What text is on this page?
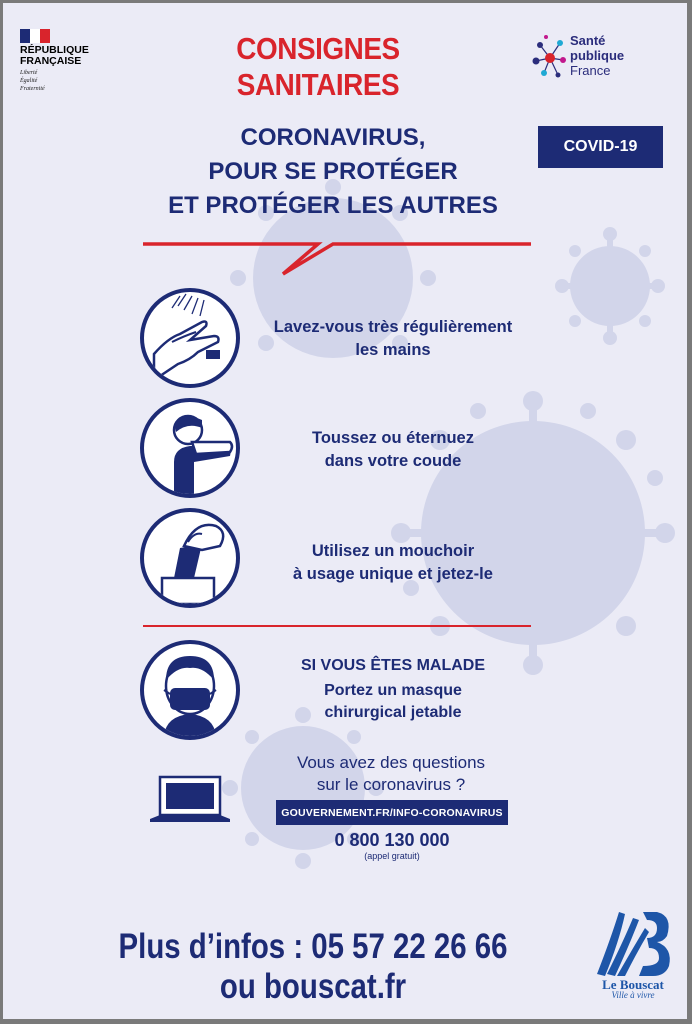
RÉPUBLIQUE
FRANÇAISE
Liberté
Égalité
Fraternité
CONSIGNES SANITAIRES
Santé
publique
France
COVID-19
CORONAVIRUS,
POUR SE PROTÉGER
ET PROTÉGER LES AUTRES
Lavez-vous très régulièrement
les mains
Toussez ou éternuez
dans votre coude
Utilisez un mouchoir
à usage unique et jetez-le
SI VOUS ÊTES MALADE
Portez un masque
chirurgical jetable
Vous avez des questions
sur le coronavirus ?
GOUVERNEMENT.FR/INFO-CORONAVIRUS
0 800 130 000
(appel gratuit)
Plus d’infos : 05 57 22 26 66
ou bouscat.fr	Le Bouscat
Ville à vivre
